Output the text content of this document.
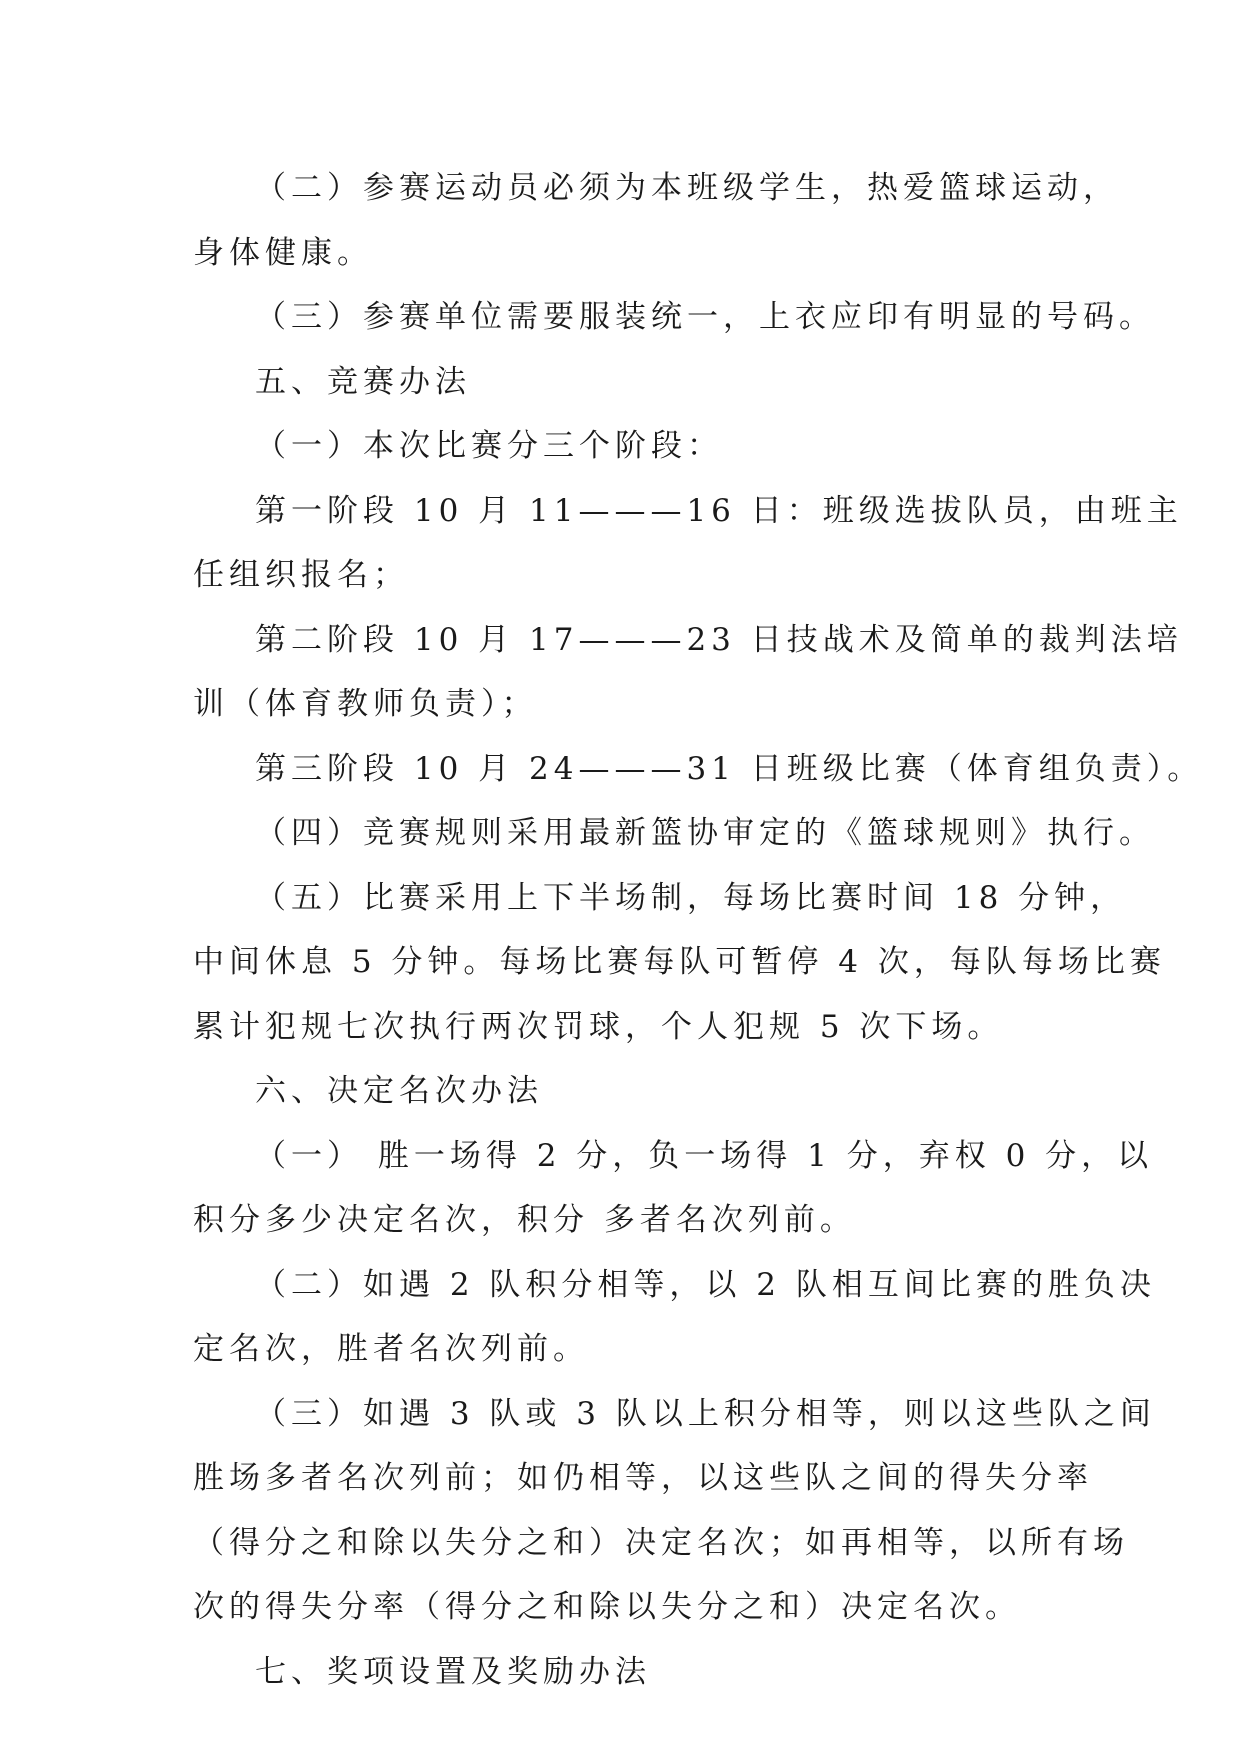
（二）参赛运动员必须为本班级学生，热爱篮球运动，
身体健康。
（三）参赛单位需要服装统一，上衣应印有明显的号码。
五、竞赛办法
（一）本次比赛分三个阶段：
第一阶段 10 月 11———16 日：班级选拔队员，由班主
任组织报名；
第二阶段 10 月 17———23 日技战术及简单的裁判法培
训（体育教师负责）；
第三阶段 10 月 24———31 日班级比赛（体育组负责）。
（四）竞赛规则采用最新篮协审定的《篮球规则》执行。
（五）比赛采用上下半场制，每场比赛时间 18 分钟，
中间休息 5 分钟。每场比赛每队可暂停 4 次，每队每场比赛
累计犯规七次执行两次罚球，个人犯规 5 次下场。
六、决定名次办法
（一） 胜一场得 2 分，负一场得 1 分，弃权 0 分，以
积分多少决定名次，积分 多者名次列前。
（二）如遇 2 队积分相等，以 2 队相互间比赛的胜负决
定名次，胜者名次列前。
（三）如遇 3 队或 3 队以上积分相等，则以这些队之间
胜场多者名次列前；如仍相等，以这些队之间的得失分率
（得分之和除以失分之和）决定名次；如再相等，以所有场
次的得失分率（得分之和除以失分之和）决定名次。
七、奖项设置及奖励办法
